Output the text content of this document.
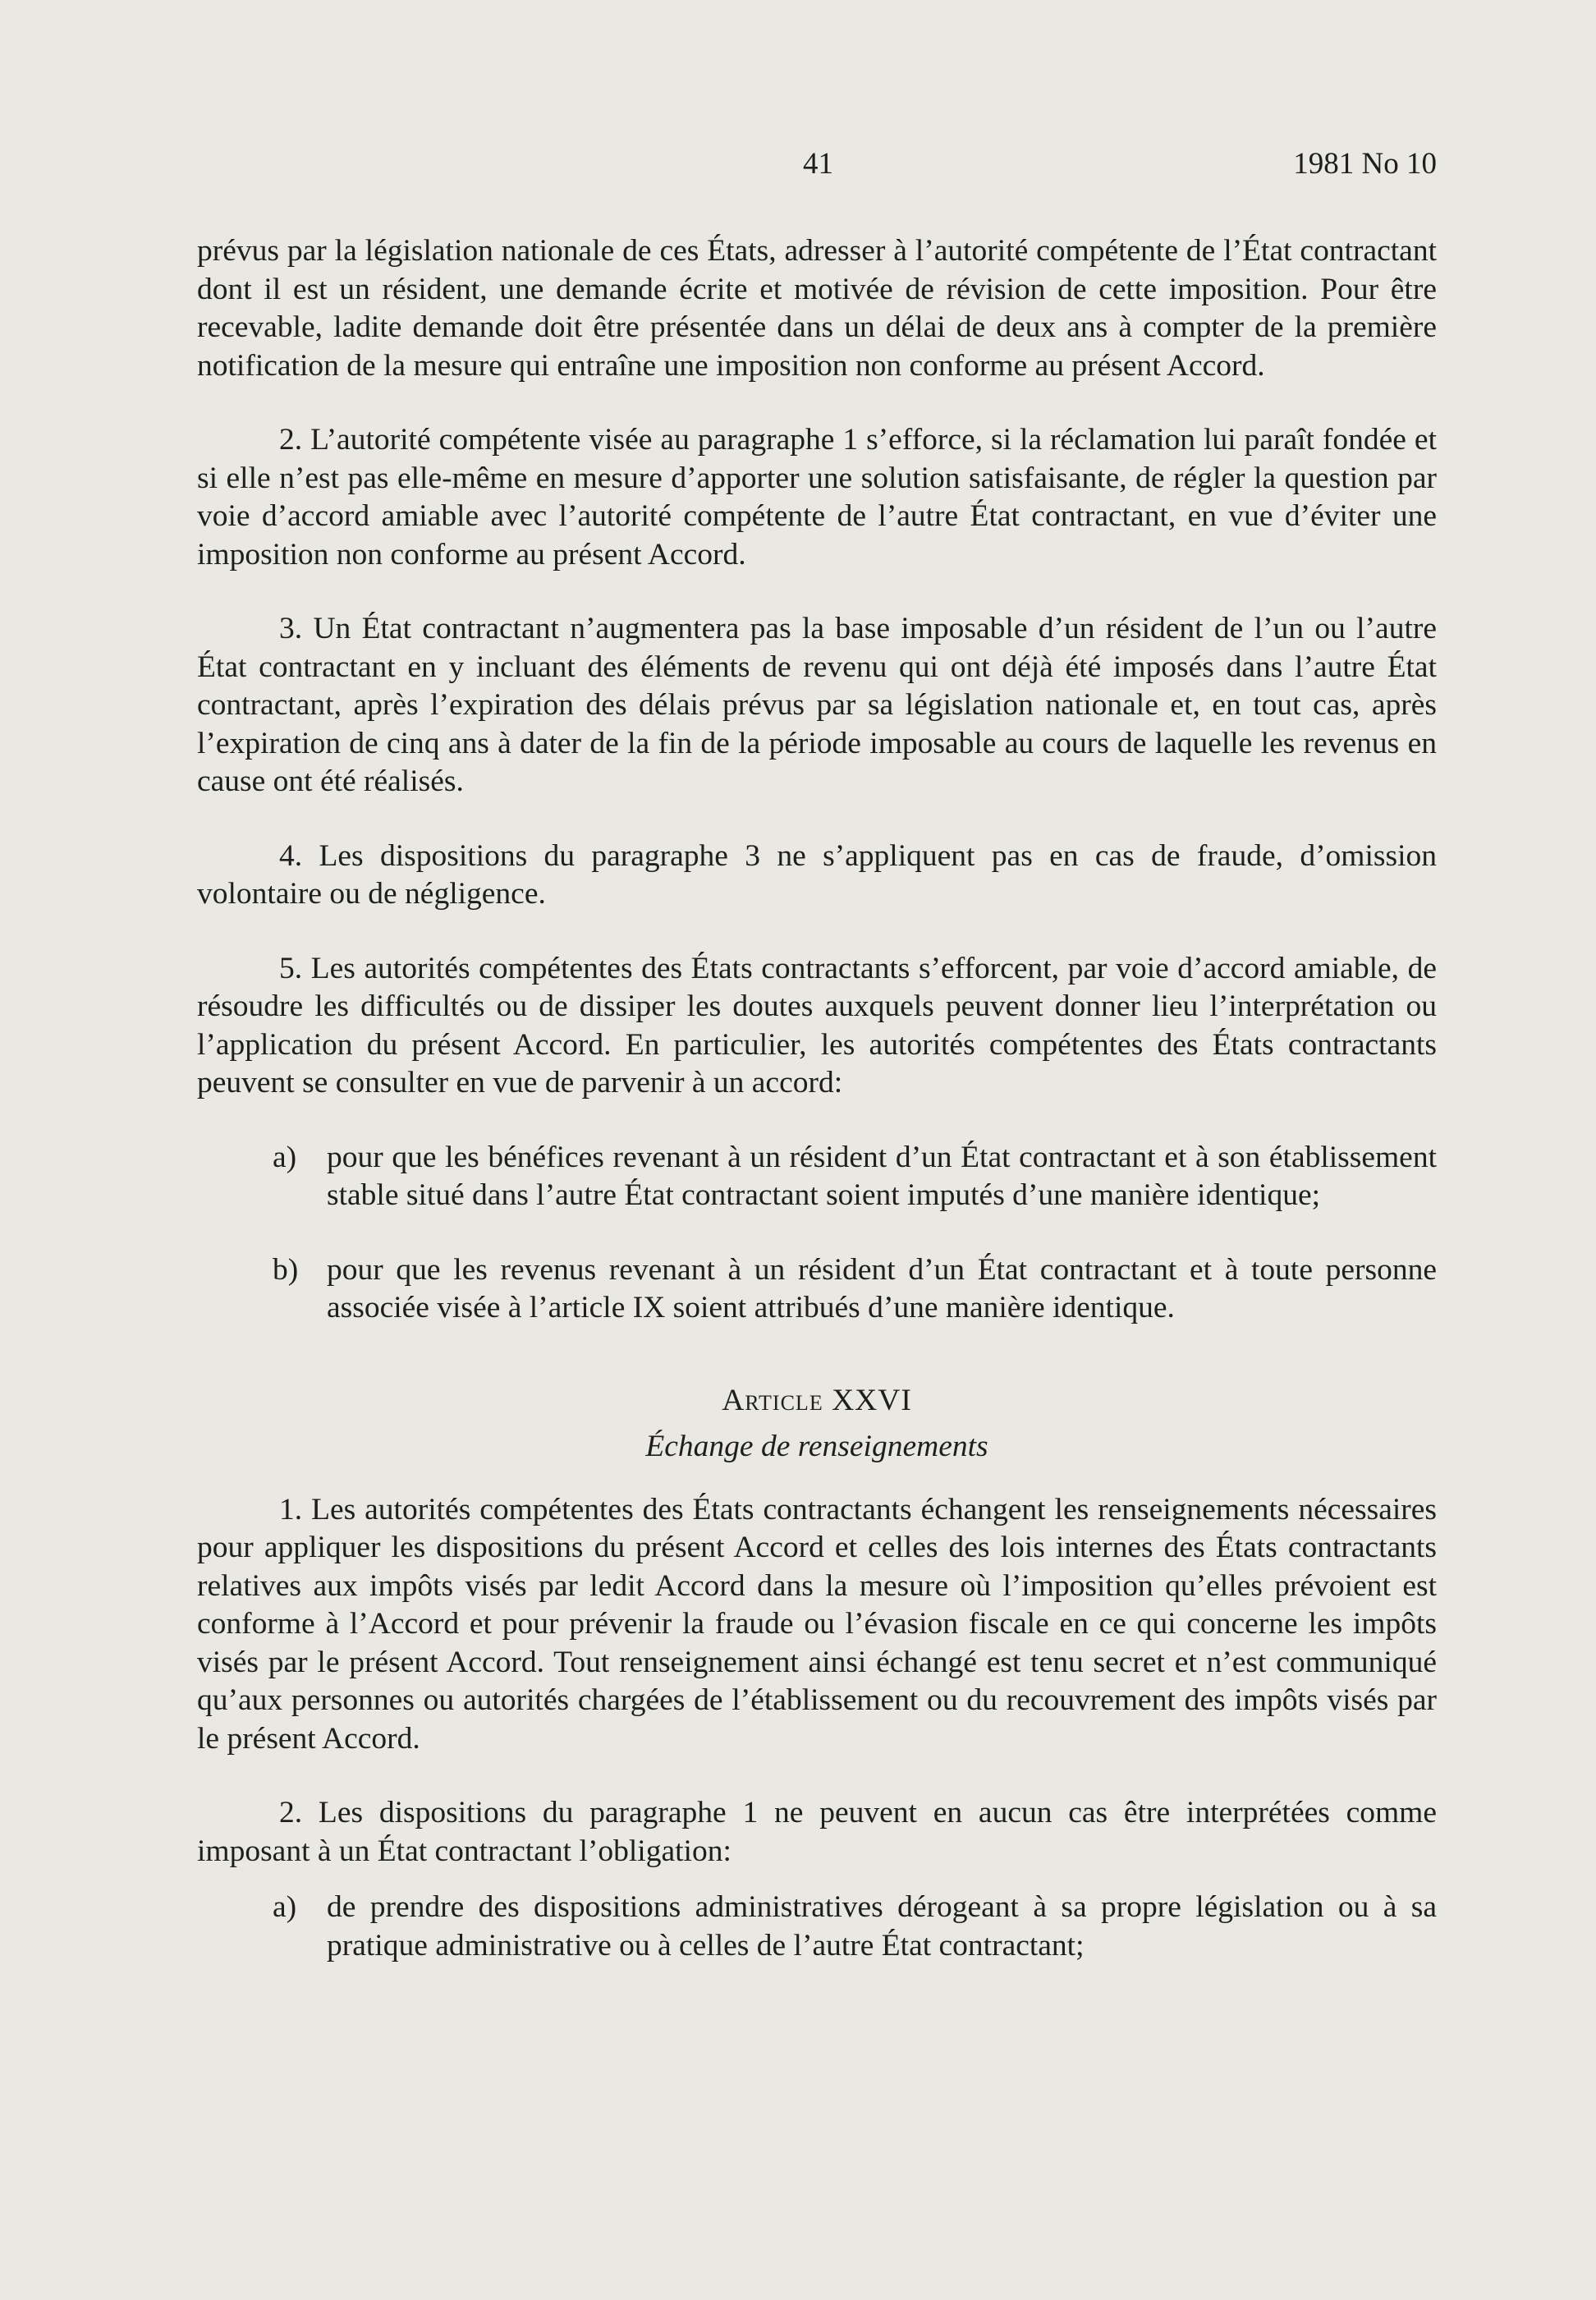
41	1981 No 10

prévus par la législation nationale de ces États, adresser à l’autorité compétente de l’État contractant dont il est un résident, une demande écrite et motivée de révision de cette imposition. Pour être recevable, ladite demande doit être présentée dans un délai de deux ans à compter de la première notification de la mesure qui entraîne une imposition non conforme au présent Accord.

2. L’autorité compétente visée au paragraphe 1 s’efforce, si la réclamation lui paraît fondée et si elle n’est pas elle-même en mesure d’apporter une solution satisfaisante, de régler la question par voie d’accord amiable avec l’autorité compétente de l’autre État contractant, en vue d’éviter une imposition non conforme au présent Accord.

3. Un État contractant n’augmentera pas la base imposable d’un résident de l’un ou l’autre État contractant en y incluant des éléments de revenu qui ont déjà été imposés dans l’autre État contractant, après l’expiration des délais prévus par sa législation nationale et, en tout cas, après l’expiration de cinq ans à dater de la fin de la période imposable au cours de laquelle les revenus en cause ont été réalisés.

4. Les dispositions du paragraphe 3 ne s’appliquent pas en cas de fraude, d’omission volontaire ou de négligence.

5. Les autorités compétentes des États contractants s’efforcent, par voie d’accord amiable, de résoudre les difficultés ou de dissiper les doutes auxquels peuvent donner lieu l’interprétation ou l’application du présent Accord. En particulier, les autorités compétentes des États contractants peuvent se consulter en vue de parvenir à un accord:

a) pour que les bénéfices revenant à un résident d’un État contractant et à son établissement stable situé dans l’autre État contractant soient imputés d’une manière identique;
b) pour que les revenus revenant à un résident d’un État contractant et à toute personne associée visée à l’article IX soient attribués d’une manière identique.
Article XXVI
Échange de renseignements

1. Les autorités compétentes des États contractants échangent les renseignements nécessaires pour appliquer les dispositions du présent Accord et celles des lois internes des États contractants relatives aux impôts visés par ledit Accord dans la mesure où l’imposition qu’elles prévoient est conforme à l’Accord et pour prévenir la fraude ou l’évasion fiscale en ce qui concerne les impôts visés par le présent Accord. Tout renseignement ainsi échangé est tenu secret et n’est communiqué qu’aux personnes ou autorités chargées de l’établissement ou du recouvrement des impôts visés par le présent Accord.

2. Les dispositions du paragraphe 1 ne peuvent en aucun cas être interprétées comme imposant à un État contractant l’obligation:

a) de prendre des dispositions administratives dérogeant à sa propre législation ou à sa pratique administrative ou à celles de l’autre État contractant;
